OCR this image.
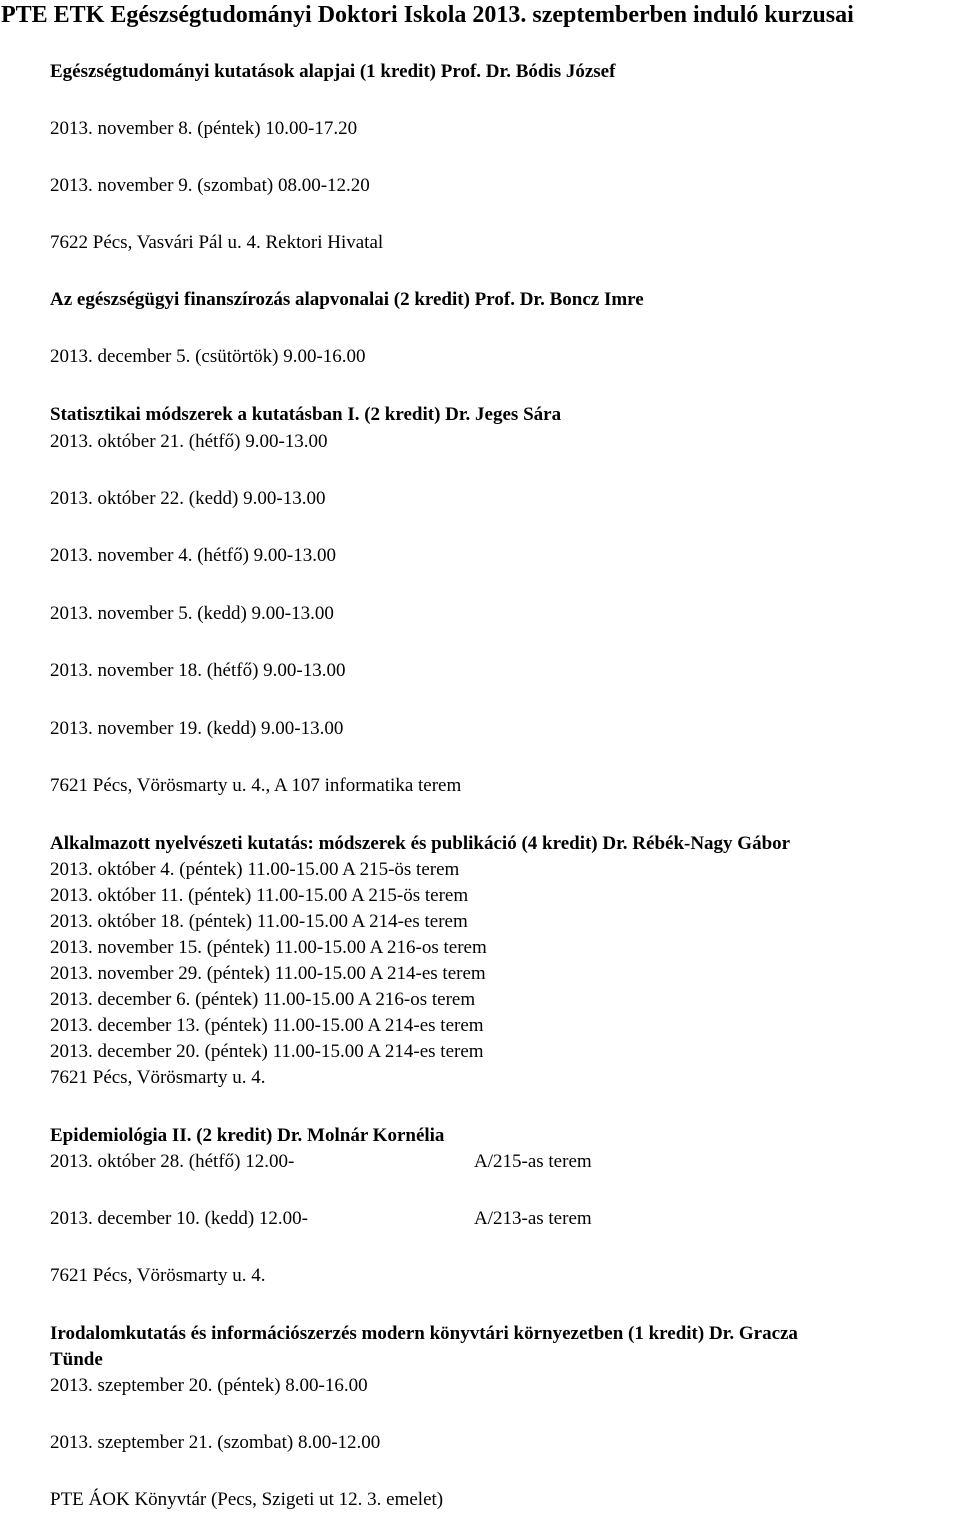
PTE ETK Egészségtudományi Doktori Iskola 2013. szeptemberben induló kurzusai
Egészségtudományi kutatások alapjai (1 kredit) Prof. Dr. Bódis József
2013. november 8. (péntek) 10.00-17.20
2013. november 9. (szombat) 08.00-12.20
7622 Pécs, Vasvári Pál u. 4. Rektori Hivatal
Az egészségügyi finanszírozás alapvonalai (2 kredit) Prof. Dr. Boncz Imre
2013. december 5. (csütörtök) 9.00-16.00
Statisztikai módszerek a kutatásban I. (2 kredit) Dr. Jeges Sára
2013. október 21. (hétfő) 9.00-13.00
2013. október 22. (kedd) 9.00-13.00
2013. november 4. (hétfő) 9.00-13.00
2013. november 5. (kedd) 9.00-13.00
2013. november 18. (hétfő) 9.00-13.00
2013. november 19. (kedd) 9.00-13.00
7621 Pécs, Vörösmarty u. 4., A 107 informatika terem
Alkalmazott nyelvészeti kutatás: módszerek és publikáció (4 kredit) Dr. Rébék-Nagy Gábor
2013. október 4. (péntek) 11.00-15.00 A 215-ös terem
2013. október 11. (péntek) 11.00-15.00 A 215-ös terem
2013. október 18. (péntek) 11.00-15.00 A 214-es terem
2013. november 15. (péntek) 11.00-15.00 A 216-os terem
2013. november 29. (péntek) 11.00-15.00 A 214-es terem
2013. december 6. (péntek) 11.00-15.00 A 216-os terem
2013. december 13. (péntek) 11.00-15.00 A 214-es terem
2013. december 20. (péntek) 11.00-15.00 A 214-es terem
7621 Pécs, Vörösmarty u. 4.
Epidemiológia II. (2 kredit) Dr. Molnár Kornélia
2013. október 28. (hétfő) 12.00-	A/215-as terem
2013. december 10. (kedd) 12.00-	A/213-as terem
7621 Pécs, Vörösmarty u. 4.
Irodalomkutatás és információszerzés modern könyvtári környezetben (1 kredit) Dr. Gracza
Tünde
2013. szeptember 20. (péntek) 8.00-16.00
2013. szeptember 21. (szombat) 8.00-12.00
PTE ÁOK Könyvtár (Pecs, Szigeti ut 12. 3. emelet)
